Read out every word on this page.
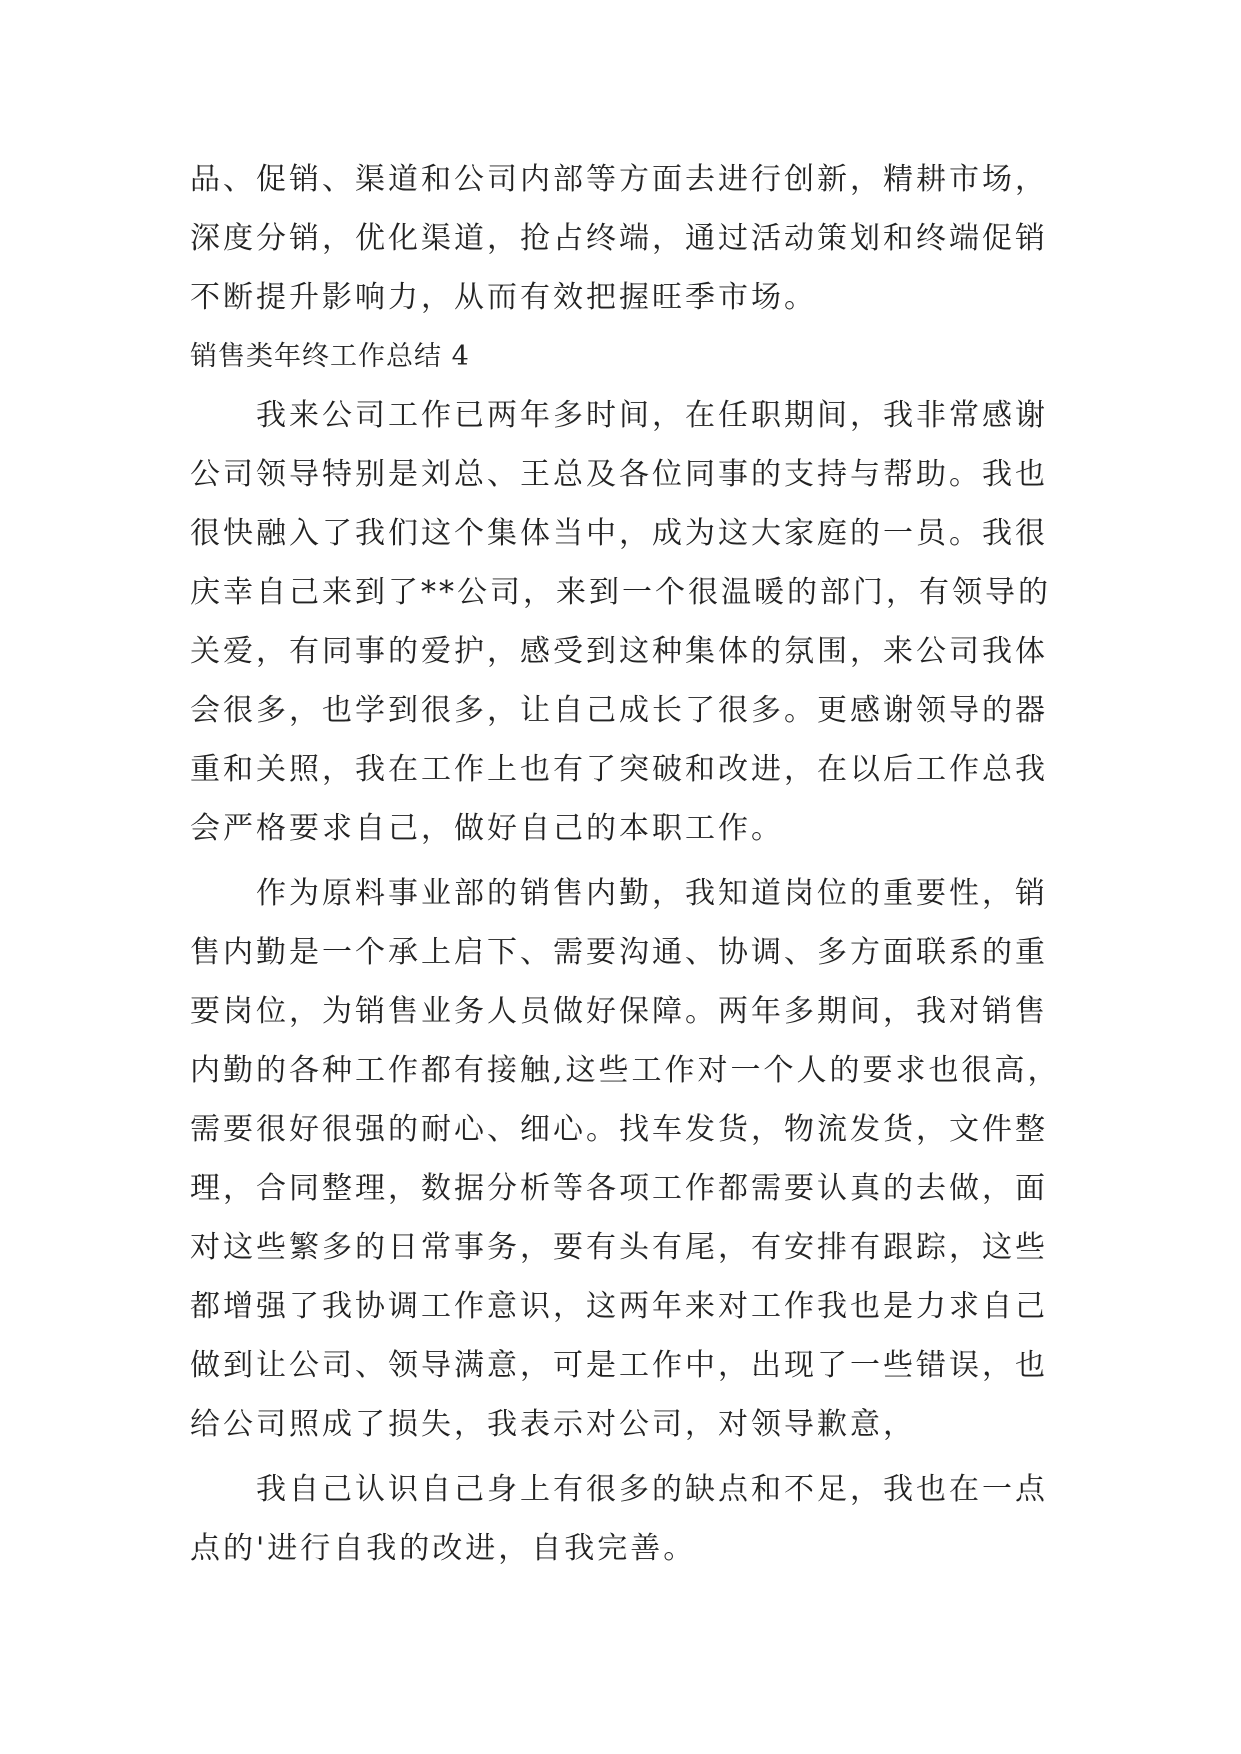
品、促销、渠道和公司内部等方面去进行创新，精耕市场，
深度分销，优化渠道，抢占终端，通过活动策划和终端促销
不断提升影响力，从而有效把握旺季市场。
销售类年终工作总结 4
　　我来公司工作已两年多时间，在任职期间，我非常感谢
公司领导特别是刘总、王总及各位同事的支持与帮助。我也
很快融入了我们这个集体当中，成为这大家庭的一员。我很
庆幸自己来到了**公司，来到一个很温暖的部门，有领导的
关爱，有同事的爱护，感受到这种集体的氛围，来公司我体
会很多，也学到很多，让自己成长了很多。更感谢领导的器
重和关照，我在工作上也有了突破和改进，在以后工作总我
会严格要求自己，做好自己的本职工作。
　　作为原料事业部的销售内勤，我知道岗位的重要性，销
售内勤是一个承上启下、需要沟通、协调、多方面联系的重
要岗位，为销售业务人员做好保障。两年多期间，我对销售
内勤的各种工作都有接触,这些工作对一个人的要求也很高，
需要很好很强的耐心、细心。找车发货，物流发货，文件整
理，合同整理，数据分析等各项工作都需要认真的去做，面
对这些繁多的日常事务，要有头有尾，有安排有跟踪，这些
都增强了我协调工作意识，这两年来对工作我也是力求自己
做到让公司、领导满意，可是工作中，出现了一些错误，也
给公司照成了损失，我表示对公司，对领导歉意，
　　我自己认识自己身上有很多的缺点和不足，我也在一点
点的'进行自我的改进，自我完善。
